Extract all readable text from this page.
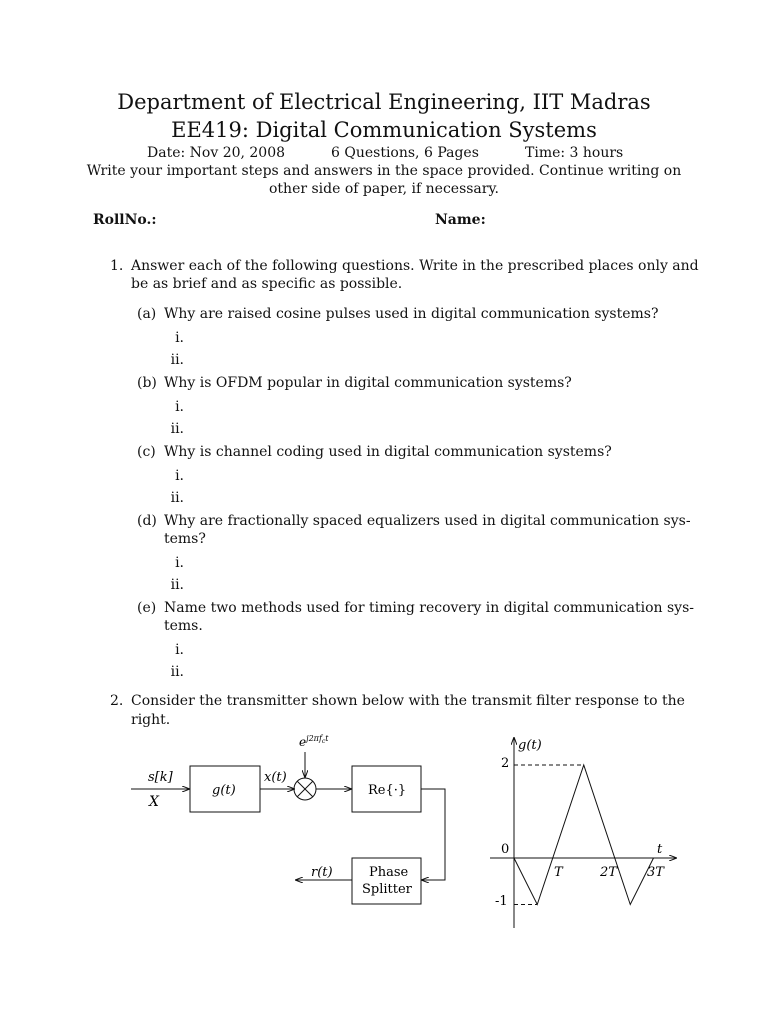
Department of Electrical Engineering, IIT Madras
EE419: Digital Communication Systems
Date: Nov 20, 2008	6 Questions, 6 Pages	Time: 3 hours
Write your important steps and answers in the space provided. Continue writing on
other side of paper, if necessary.
RollNo.:	Name:
1. Answer each of the following questions. Write in the prescribed places only and
be as brief and as specific as possible.
(a) Why are raised cosine pulses used in digital communication systems?
i.
ii.
(b) Why is OFDM popular in digital communication systems?
i.
ii.
(c) Why is channel coding used in digital communication systems?
i.
ii.
(d) Why are fractionally spaced equalizers used in digital communication sys-
tems?
i.
ii.
(e) Name two methods used for timing recovery in digital communication sys-
tems.
i.
ii.
2. Consider the transmitter shown below with the transmit filter response to the
right.
s[k]
X
g(t)
x(t)
$e^{j2\pi f}ct$
Re{·}
Phase
Splitter
r(t)
g(t)
t
2
0
-1
T	2T 3T
